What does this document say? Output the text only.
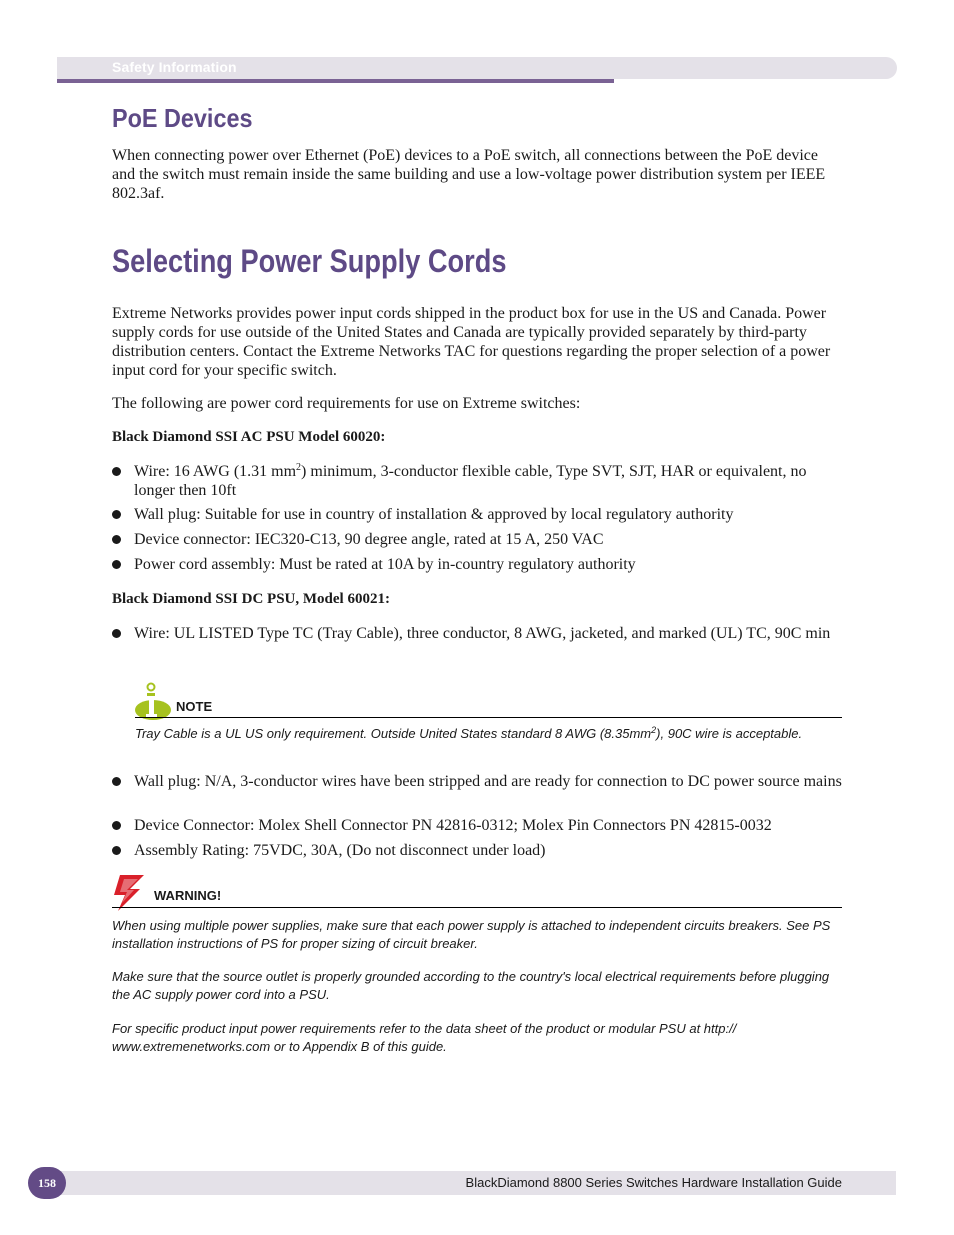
Safety Information
PoE Devices
When connecting power over Ethernet (PoE) devices to a PoE switch, all connections between the PoE device and the switch must remain inside the same building and use a low-voltage power distribution system per IEEE 802.3af.
Selecting Power Supply Cords
Extreme Networks provides power input cords shipped in the product box for use in the US and Canada. Power supply cords for use outside of the United States and Canada are typically provided separately by third-party distribution centers. Contact the Extreme Networks TAC for questions regarding the proper selection of a power input cord for your specific switch.
The following are power cord requirements for use on Extreme switches:
Black Diamond SSI AC PSU Model 60020:
Wire: 16 AWG (1.31 $mm^2$) minimum, 3-conductor flexible cable, Type SVT, SJT, HAR or equivalent, no longer then 10ft
Wall plug: Suitable for use in country of installation & approved by local regulatory authority
Device connector: IEC320-C13, 90 degree angle, rated at 15 A, 250 VAC
Power cord assembly: Must be rated at 10A by in-country regulatory authority
Black Diamond SSI DC PSU, Model 60021:
Wire: UL LISTED Type TC (Tray Cable), three conductor, 8 AWG, jacketed, and marked (UL) TC, 90C min
NOTE
Tray Cable is a UL US only requirement. Outside United States standard 8 AWG $(8.35mm^2)$, 90C wire is acceptable.
Wall plug: N/A, 3-conductor wires have been stripped and are ready for connection to DC power source mains
Device Connector: Molex Shell Connector PN 42816-0312; Molex Pin Connectors PN 42815-0032
Assembly Rating: 75VDC, 30A, (Do not disconnect under load)
WARNING!
When using multiple power supplies, make sure that each power supply is attached to independent circuits breakers. See PS installation instructions of PS for proper sizing of circuit breaker.
Make sure that the source outlet is properly grounded according to the country's local electrical requirements before plugging the AC supply power cord into a PSU.
For specific product input power requirements refer to the data sheet of the product or modular PSU at http:// www.extremenetworks.com or to Appendix B of this guide.
158	BlackDiamond 8800 Series Switches Hardware Installation Guide
